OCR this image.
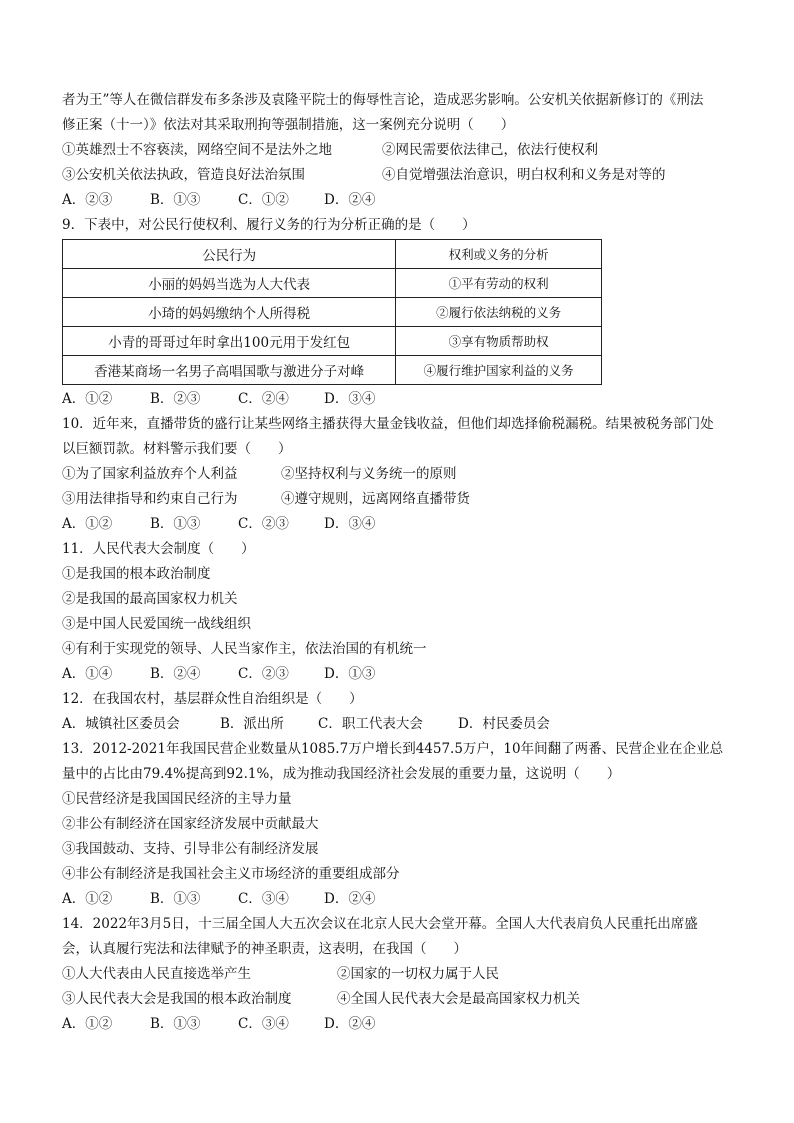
者为王”等人在微信群发布多条涉及袁隆平院士的侮辱性言论，造成恶劣影响。公安机关依据新修订的《刑法
修正案（十一）》依法对其采取刑拘等强制措施，这一案例充分说明（　　）
①英雄烈士不容亵渎，网络空间不是法外之地	②网民需要依法律己，依法行使权利
③公安机关依法执政，管造良好法治氛围	④自觉增强法治意识，明白权利和义务是对等的
A．②③	B．①③	C．①②	D．②④
9．下表中，对公民行使权利、履行义务的行为分析正确的是（　　）
公民行为	权利或义务的分析
小丽的妈妈当选为人大代表	①平有劳动的权利
小琦的妈妈缴纳个人所得税	②履行依法纳税的义务
小青的哥哥过年时拿出100元用于发红包	③享有物质帮助权
香港某商场一名男子高唱国歌与激进分子对峰	④履行维护国家利益的义务
A．①②	B．②③	C．②④	D．③④
10．近年来，直播带货的盛行让某些网络主播获得大量金钱收益，但他们却选择偷税漏税。结果被税务部门处
以巨额罚款。材料警示我们要（　　）
①为了国家利益放弃个人利益	②坚持权利与义务统一的原则
③用法律指导和约束自己行为	④遵守规则，远离网络直播带货
A．①②	B．①③	C．②③	D．③④
11．人民代表大会制度（　　）
①是我国的根本政治制度
②是我国的最高国家权力机关
③是中国人民爱国统一战线组织
④有利于实现党的领导、人民当家作主，依法治国的有机统一
A．①④	B．②④	C．②③	D．①③
12．在我国农村，基层群众性自治组织是（　　）
A．城镇社区委员会	B．派出所	C．职工代表大会	D．村民委员会
13．2012-2021年我国民营企业数量从1085.7万户增长到4457.5万户，10年间翻了两番、民营企业在企业总
量中的占比由79.4%提高到92.1%，成为推动我国经济社会发展的重要力量，这说明（　　）
①民营经济是我国国民经济的主导力量
②非公有制经济在国家经济发展中贡献最大
③我国鼓动、支持、引导非公有制经济发展
④非公有制经济是我国社会主义市场经济的重要组成部分
A．①②	B．①③	C．③④	D．②④
14．2022年3月5日，十三届全国人大五次会议在北京人民大会堂开幕。全国人大代表肩负人民重托出席盛
会，认真履行宪法和法律赋予的神圣职责，这表明，在我国（　　）
①人大代表由人民直接选举产生	②国家的一切权力属于人民
③人民代表大会是我国的根本政治制度	④全国人民代表大会是最高国家权力机关
A．①②	B．①③	C．③④	D．②④
